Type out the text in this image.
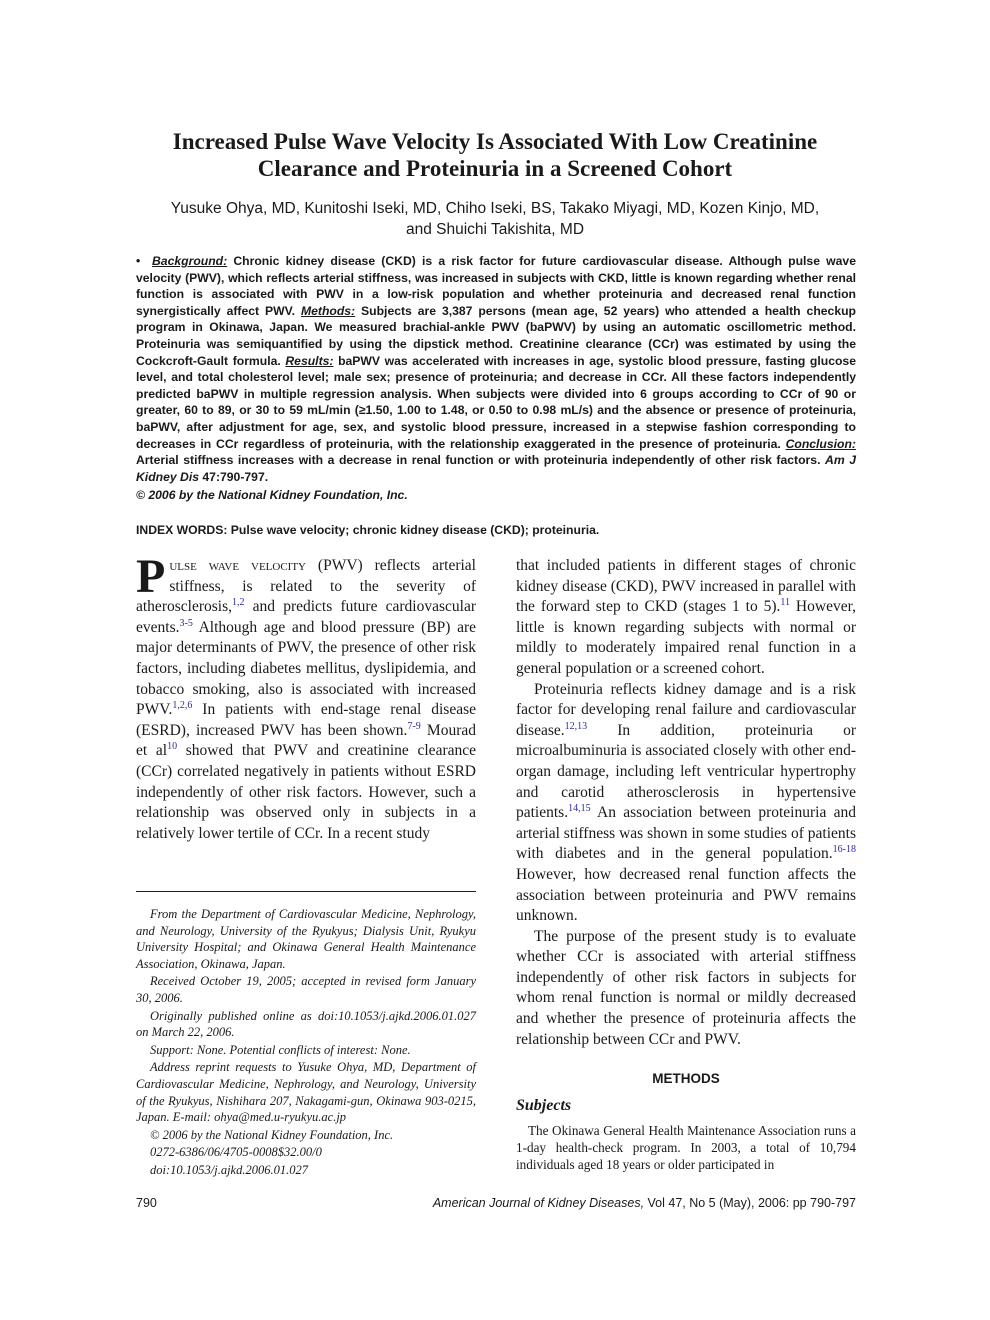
Increased Pulse Wave Velocity Is Associated With Low Creatinine
Clearance and Proteinuria in a Screened Cohort

Yusuke Ohya, MD, Kunitoshi Iseki, MD, Chiho Iseki, BS, Takako Miyagi, MD, Kozen Kinjo, MD,
and Shuichi Takishita, MD

• Background: Chronic kidney disease (CKD) is a risk factor for future cardiovascular disease. Although pulse wave velocity (PWV), which reflects arterial stiffness, was increased in subjects with CKD, little is known regarding whether renal function is associated with PWV in a low-risk population and whether proteinuria and decreased renal function synergistically affect PWV. Methods: Subjects are 3,387 persons (mean age, 52 years) who attended a health checkup program in Okinawa, Japan. We measured brachial-ankle PWV (baPWV) by using an automatic oscillometric method. Proteinuria was semiquantified by using the dipstick method. Creatinine clearance (CCr) was estimated by using the Cockcroft-Gault formula. Results: baPWV was accelerated with increases in age, systolic blood pressure, fasting glucose level, and total cholesterol level; male sex; presence of proteinuria; and decrease in CCr. All these factors independently predicted baPWV in multiple regression analysis. When subjects were divided into 6 groups according to CCr of 90 or greater, 60 to 89, or 30 to 59 mL/min (≥1.50, 1.00 to 1.48, or 0.50 to 0.98 mL/s) and the absence or presence of proteinuria, baPWV, after adjustment for age, sex, and systolic blood pressure, increased in a stepwise fashion corresponding to decreases in CCr regardless of proteinuria, with the relationship exaggerated in the presence of proteinuria. Conclusion: Arterial stiffness increases with a decrease in renal function or with proteinuria independently of other risk factors. Am J Kidney Dis 47:790-797.

© 2006 by the National Kidney Foundation, Inc.

INDEX WORDS: Pulse wave velocity; chronic kidney disease (CKD); proteinuria.

Pulse wave velocity (PWV) reflects arterial stiffness, is related to the severity of atherosclerosis,$^{1,2}$ and predicts future cardiovascular events.$^{3-5}$ Although age and blood pressure (BP) are major determinants of PWV, the presence of other risk factors, including diabetes mellitus, dyslipidemia, and tobacco smoking, also is associated with increased PWV.$^{1,2,6}$ In patients with end-stage renal disease (ESRD), increased PWV has been shown.$^{7-9}$ Mourad et $al^{10}$ showed that PWV and creatinine clearance (CCr) correlated negatively in patients without ESRD independently of other risk factors. However, such a relationship was observed only in subjects in a relatively lower tertile of CCr. In a recent study

From the Department of Cardiovascular Medicine, Nephrology, and Neurology, University of the Ryukyus; Dialysis Unit, Ryukyu University Hospital; and Okinawa General Health Maintenance Association, Okinawa, Japan.

Received October 19, 2005; accepted in revised form January 30, 2006.

Originally published online as doi:10.1053/j.ajkd.2006.01.027 on March 22, 2006.

Support: None. Potential conflicts of interest: None.

Address reprint requests to Yusuke Ohya, MD, Department of Cardiovascular Medicine, Nephrology, and Neurology, University of the Ryukyus, Nishihara 207, Nakagami-gun, Okinawa 903-0215, Japan. E-mail: ohya@med.u-ryukyu.ac.jp

© 2006 by the National Kidney Foundation, Inc.

0272-6386/06/4705-0008$32.00/0

doi:10.1053/j.ajkd.2006.01.027

that included patients in different stages of chronic kidney disease (CKD), PWV increased in parallel with the forward step to CKD (stages 1 to 5).$^{11}$ However, little is known regarding subjects with normal or mildly to moderately impaired renal function in a general population or a screened cohort.

Proteinuria reflects kidney damage and is a risk factor for developing renal failure and cardiovascular disease.$^{12,13}$ In addition, proteinuria or microalbuminuria is associated closely with other end-organ damage, including left ventricular hypertrophy and carotid atherosclerosis in hypertensive patients.$^{14,15}$ An association between proteinuria and arterial stiffness was shown in some studies of patients with diabetes and in the general population.$^{16-18}$ However, how decreased renal function affects the association between proteinuria and PWV remains unknown.

The purpose of the present study is to evaluate whether CCr is associated with arterial stiffness independently of other risk factors in subjects for whom renal function is normal or mildly decreased and whether the presence of proteinuria affects the relationship between CCr and PWV.

METHODS
Subjects

The Okinawa General Health Maintenance Association runs a 1-day health-check program. In 2003, a total of 10,794 individuals aged 18 years or older participated in

790	American Journal of Kidney Diseases, Vol 47, No 5 (May), 2006: pp 790-797
